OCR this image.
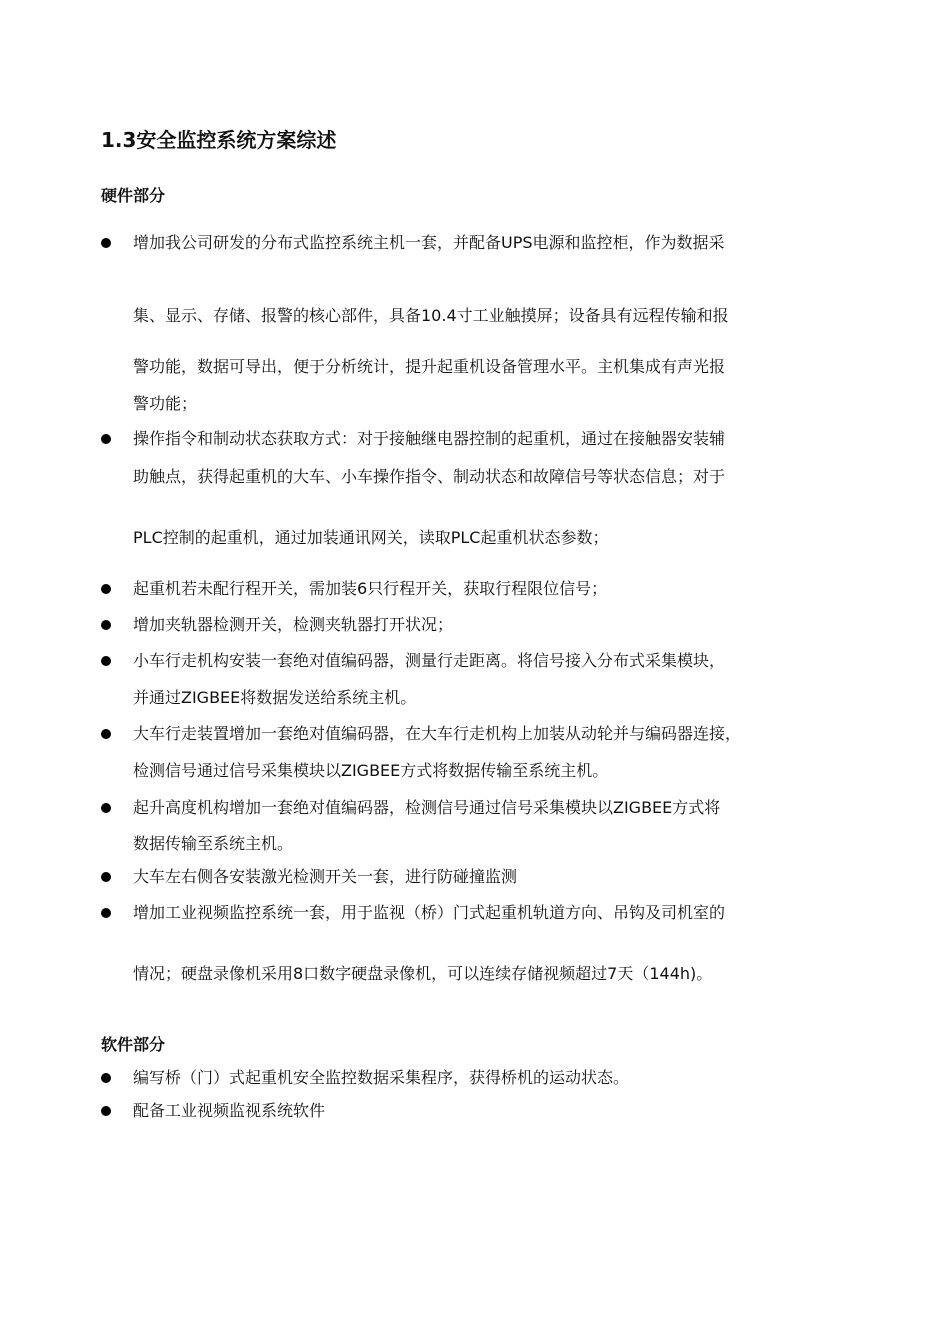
1.3安全监控系统方案综述
硬件部分

增加我公司研发的分布式监控系统主机一套，并配备UPS电源和监控柜，作为数据采

集、显示、存储、报警的核心部件，具备10.4寸工业触摸屏；设备具有远程传输和报

警功能，数据可导出，便于分析统计，提升起重机设备管理水平。主机集成有声光报

警功能；

操作指令和制动状态获取方式：对于接触继电器控制的起重机，通过在接触器安装辅

助触点，获得起重机的大车、小车操作指令、制动状态和故障信号等状态信息；对于

PLC控制的起重机，通过加装通讯网关，读取PLC起重机状态参数；

起重机若未配行程开关，需加装6只行程开关，获取行程限位信号；

增加夹轨器检测开关，检测夹轨器打开状况；

小车行走机构安装一套绝对值编码器，测量行走距离。将信号接入分布式采集模块，

并通过ZIGBEE将数据发送给系统主机。

大车行走装置增加一套绝对值编码器，在大车行走机构上加装从动轮并与编码器连接，

检测信号通过信号采集模块以ZIGBEE方式将数据传输至系统主机。

起升高度机构增加一套绝对值编码器，检测信号通过信号采集模块以ZIGBEE方式将

数据传输至系统主机。

大车左右侧各安装激光检测开关一套，进行防碰撞监测

增加工业视频监控系统一套，用于监视（桥）门式起重机轨道方向、吊钩及司机室的

情况；硬盘录像机采用8口数字硬盘录像机，可以连续存储视频超过7天（144h)。

软件部分

编写桥（门）式起重机安全监控数据采集程序，获得桥机的运动状态。

配备工业视频监视系统软件
